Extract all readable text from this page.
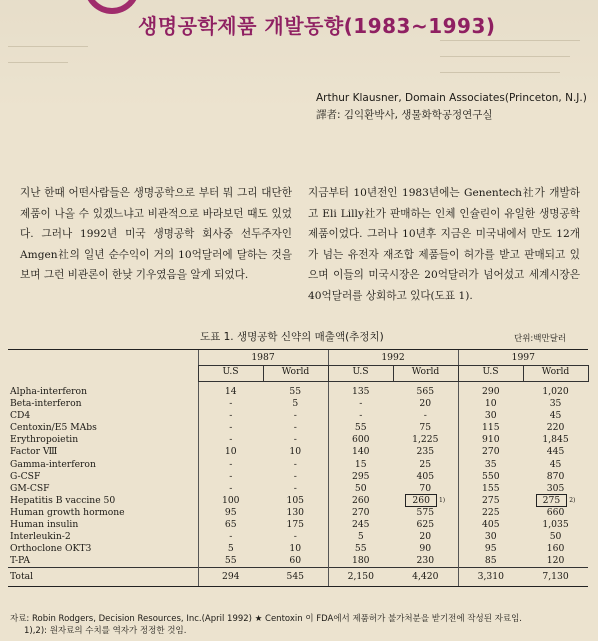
생명공학제품 개발동향(1983~1993)
Arthur Klausner, Domain Associates(Princeton, N.J.)
譯者: 김익환박사, 생물화학공정연구실
지난 한때 어떤사람들은 생명공학으로 부터 뭐 그리 대단한 제품이 나올 수 있겠느냐고 비관적으로 바라보던 때도 있었다. 그러나 1992년 미국 생명공학 회사중 선두주자인 Amgen社의 일년 순수익이 거의 10억달러에 달하는 것을 보며 그런 비관론이 한낮 기우였음을 알게 되었다.
지금부터 10년전인 1983년에는 Genentech社가 개발하고 Eli Lilly社가 판매하는 인체 인슐린이 유일한 생명공학 제품이었다. 그러나 10년후 지금은 미국내에서 만도 12개가 넘는 유전자 재조합 제품들이 허가를 받고 판매되고 있으며 이들의 미국시장은 20억달러가 넘어섰고 세계시장은 40억달러를 상회하고 있다(도표 1).
도표 1. 생명공학 신약의 매출액(추정치)	단위:백만달러
	1987		1992		1997	
	U.S	World	U.S	World	U.S	World
Alpha-interferon	14	55	135	565	290	1,020
Beta-interferon	-	5	-	20	10	35
CD4	-	-	-	-	30	45
Centoxin/E5 MAbs	-	-	55	75	115	220
Erythropoietin	-	-	600	1,225	910	1,845
Factor Ⅷ	10	10	140	235	270	445
Gamma-interferon	-	-	15	25	35	45
G-CSF	-	-	295	405	550	870
GM-CSF	-	-	50	70	155	305
Hepatitis B vaccine 50	100	105	260	260 $^{1)}$	275	275 $^{2)}$
Human growth hormone	95	130	270	575	225	660
Human insulin	65	175	245	625	405	1,035
Interleukin-2	-	-	5	20	30	50
Orthoclone OKT3	5	10	55	90	95	160
T-PA	55	60	180	230	85	120
Total	294	545	2,150	4,420	3,310	7,130
자료: Robin Rodgers, Decision Resources, Inc.(April 1992) ★ Centoxin 이 FDA에서 제품허가 불가처분을 받기전에 작성된 자료임.
1),2): 원자료의 수치를 역자가 정정한 것임.
